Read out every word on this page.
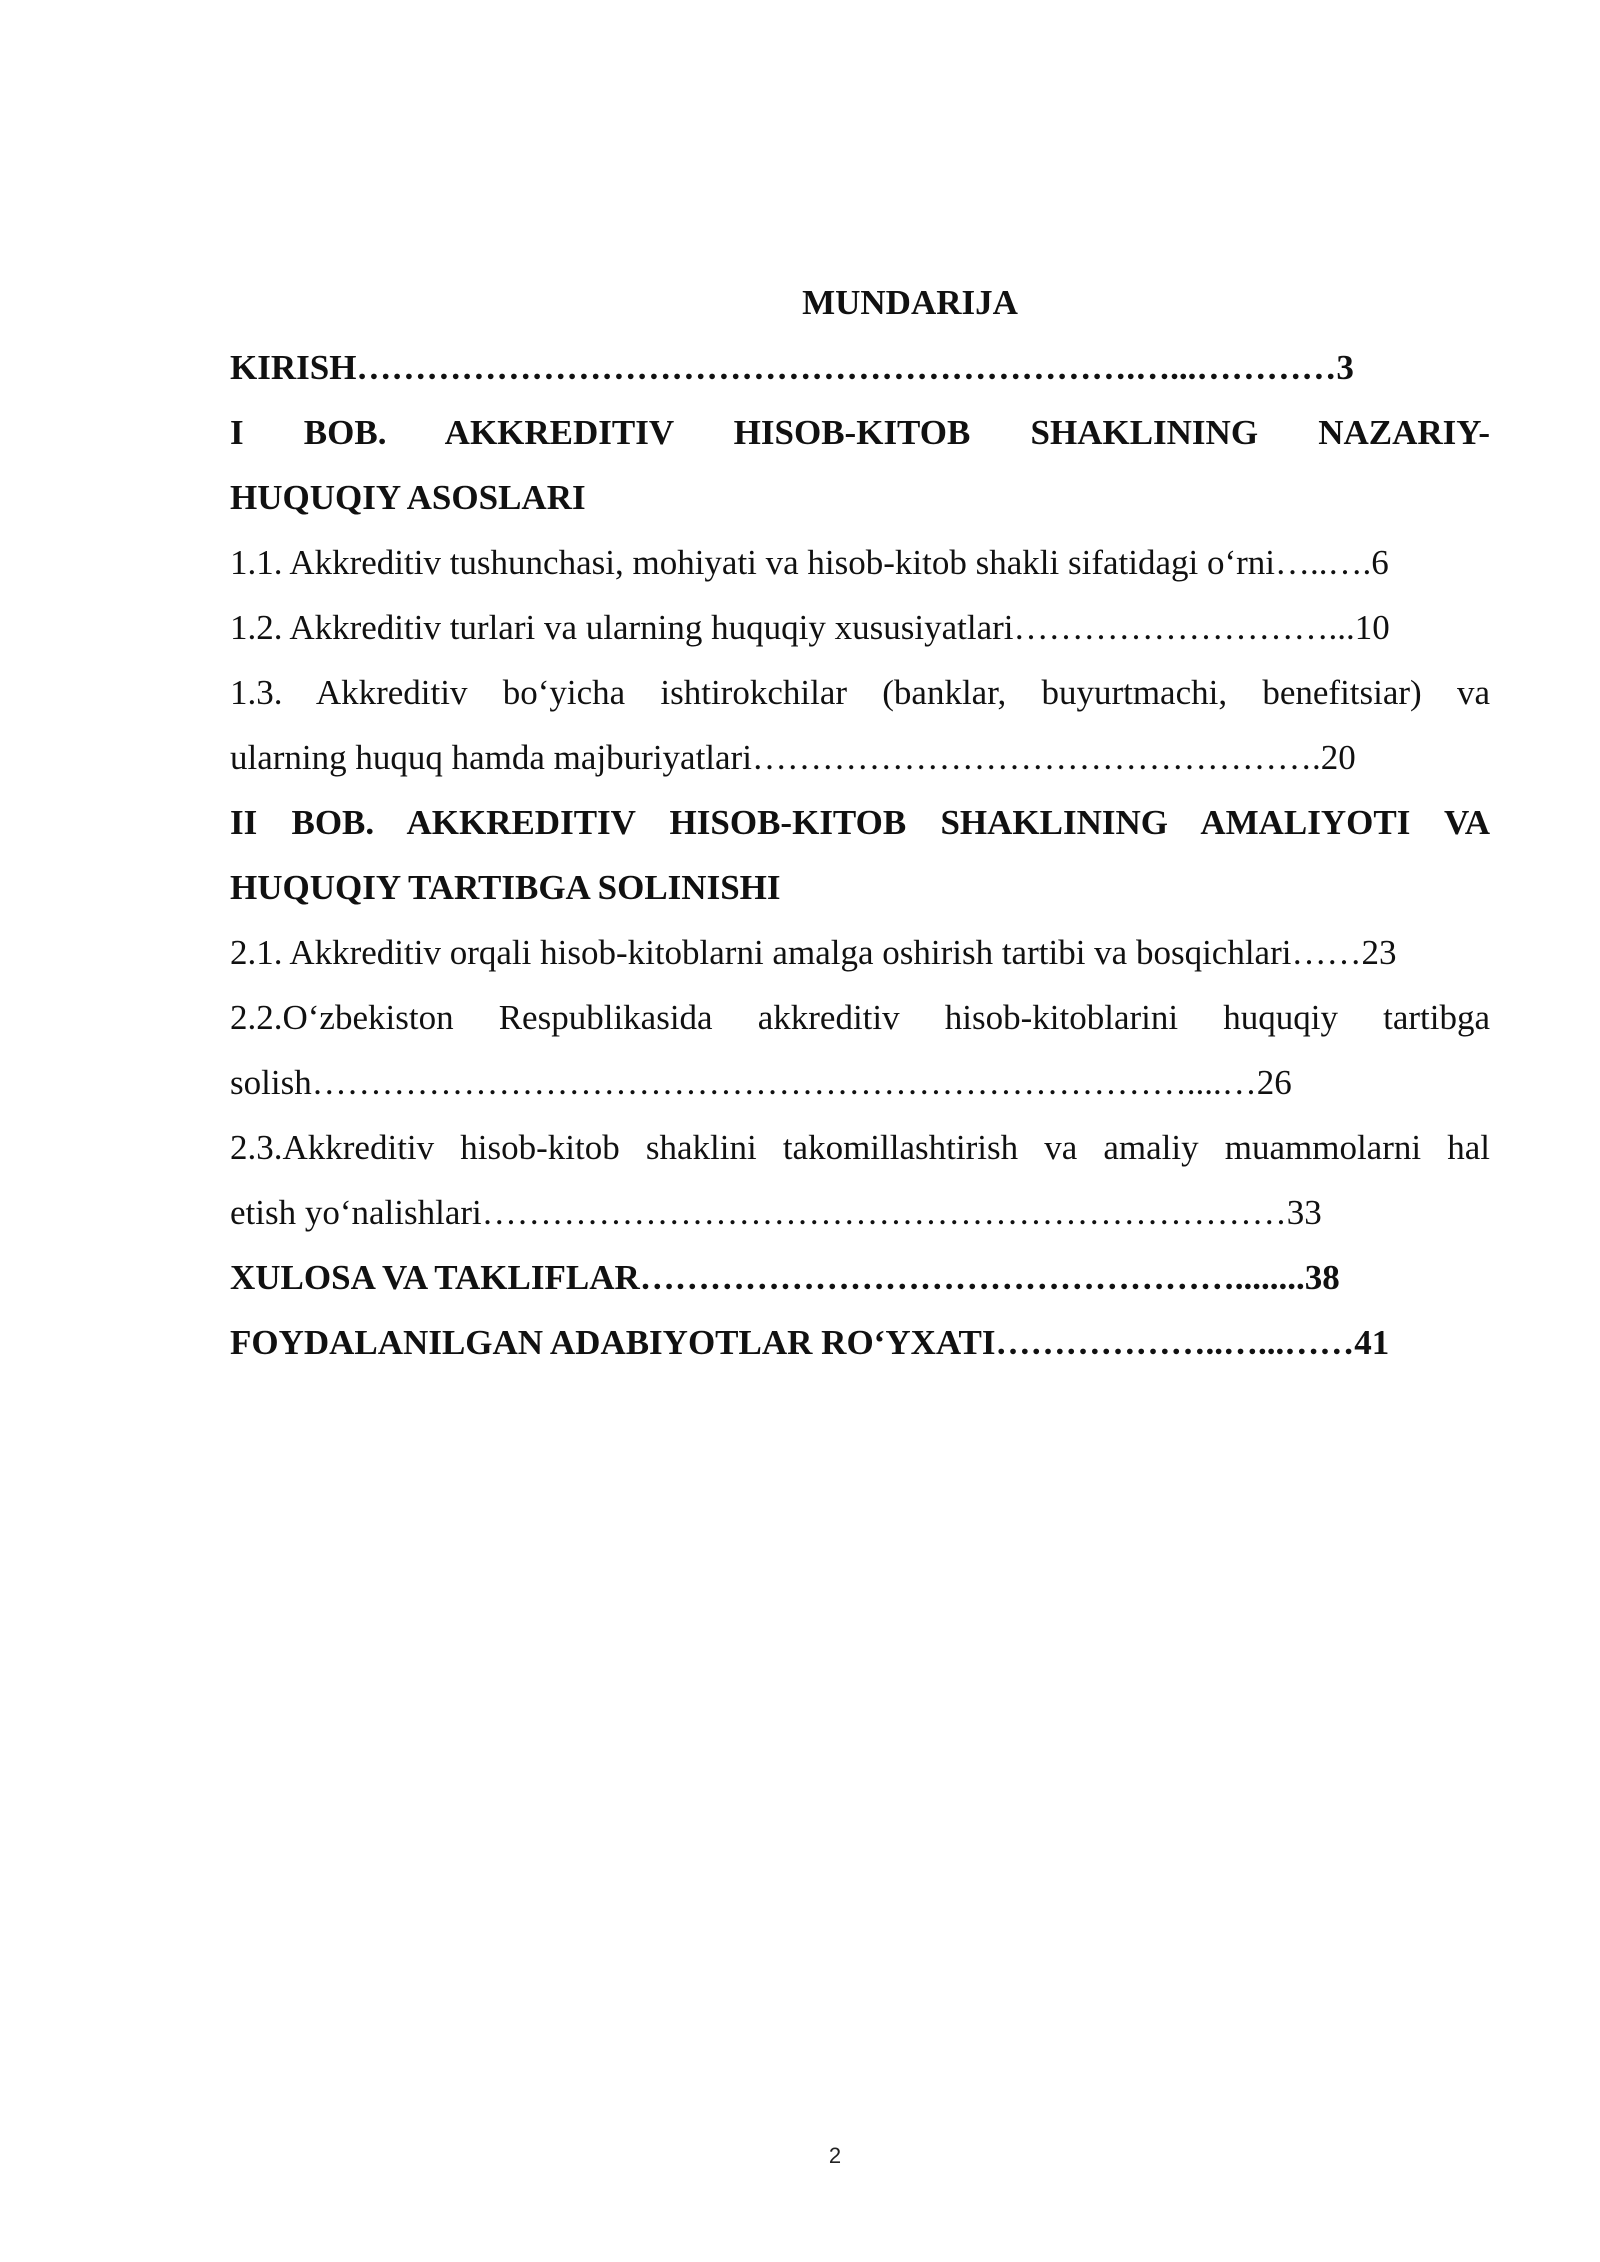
MUNDARIJA
KIRISH………………………………………………………….…...…………3
I BOB. AKKREDITIV HISOB-KITOB SHAKLINING NAZARIY-
HUQUQIY ASOSLARI
1.1. Akkreditiv tushunchasi, mohiyati va hisob-kitob shakli sifatidagi o‘rni…..….6
1.2. Akkreditiv turlari va ularning huquqiy xususiyatlari………………………...10
1.3. Akkreditiv bo‘yicha ishtirokchilar (banklar, buyurtmachi, benefitsiar) va
ularning huquq hamda majburiyatlari………………………………………….20
II BOB. AKKREDITIV HISOB-KITOB SHAKLINING AMALIYOTI VA
HUQUQIY TARTIBGA SOLINISHI
2.1. Akkreditiv orqali hisob-kitoblarni amalga oshirish tartibi va bosqichlari……23
2.2.O‘zbekiston Respublikasida akkreditiv hisob-kitoblarini huquqiy tartibga
solish…………………………………………………………………....…26
2.3.Akkreditiv hisob-kitob shaklini takomillashtirish va amaliy muammolarni hal
etish yo‘nalishlari……………………………………………………………33
XULOSA VA TAKLIFLAR……………………………………………........38
FOYDALANILGAN ADABIYOTLAR RO‘YXATI………………..…...……41
2
